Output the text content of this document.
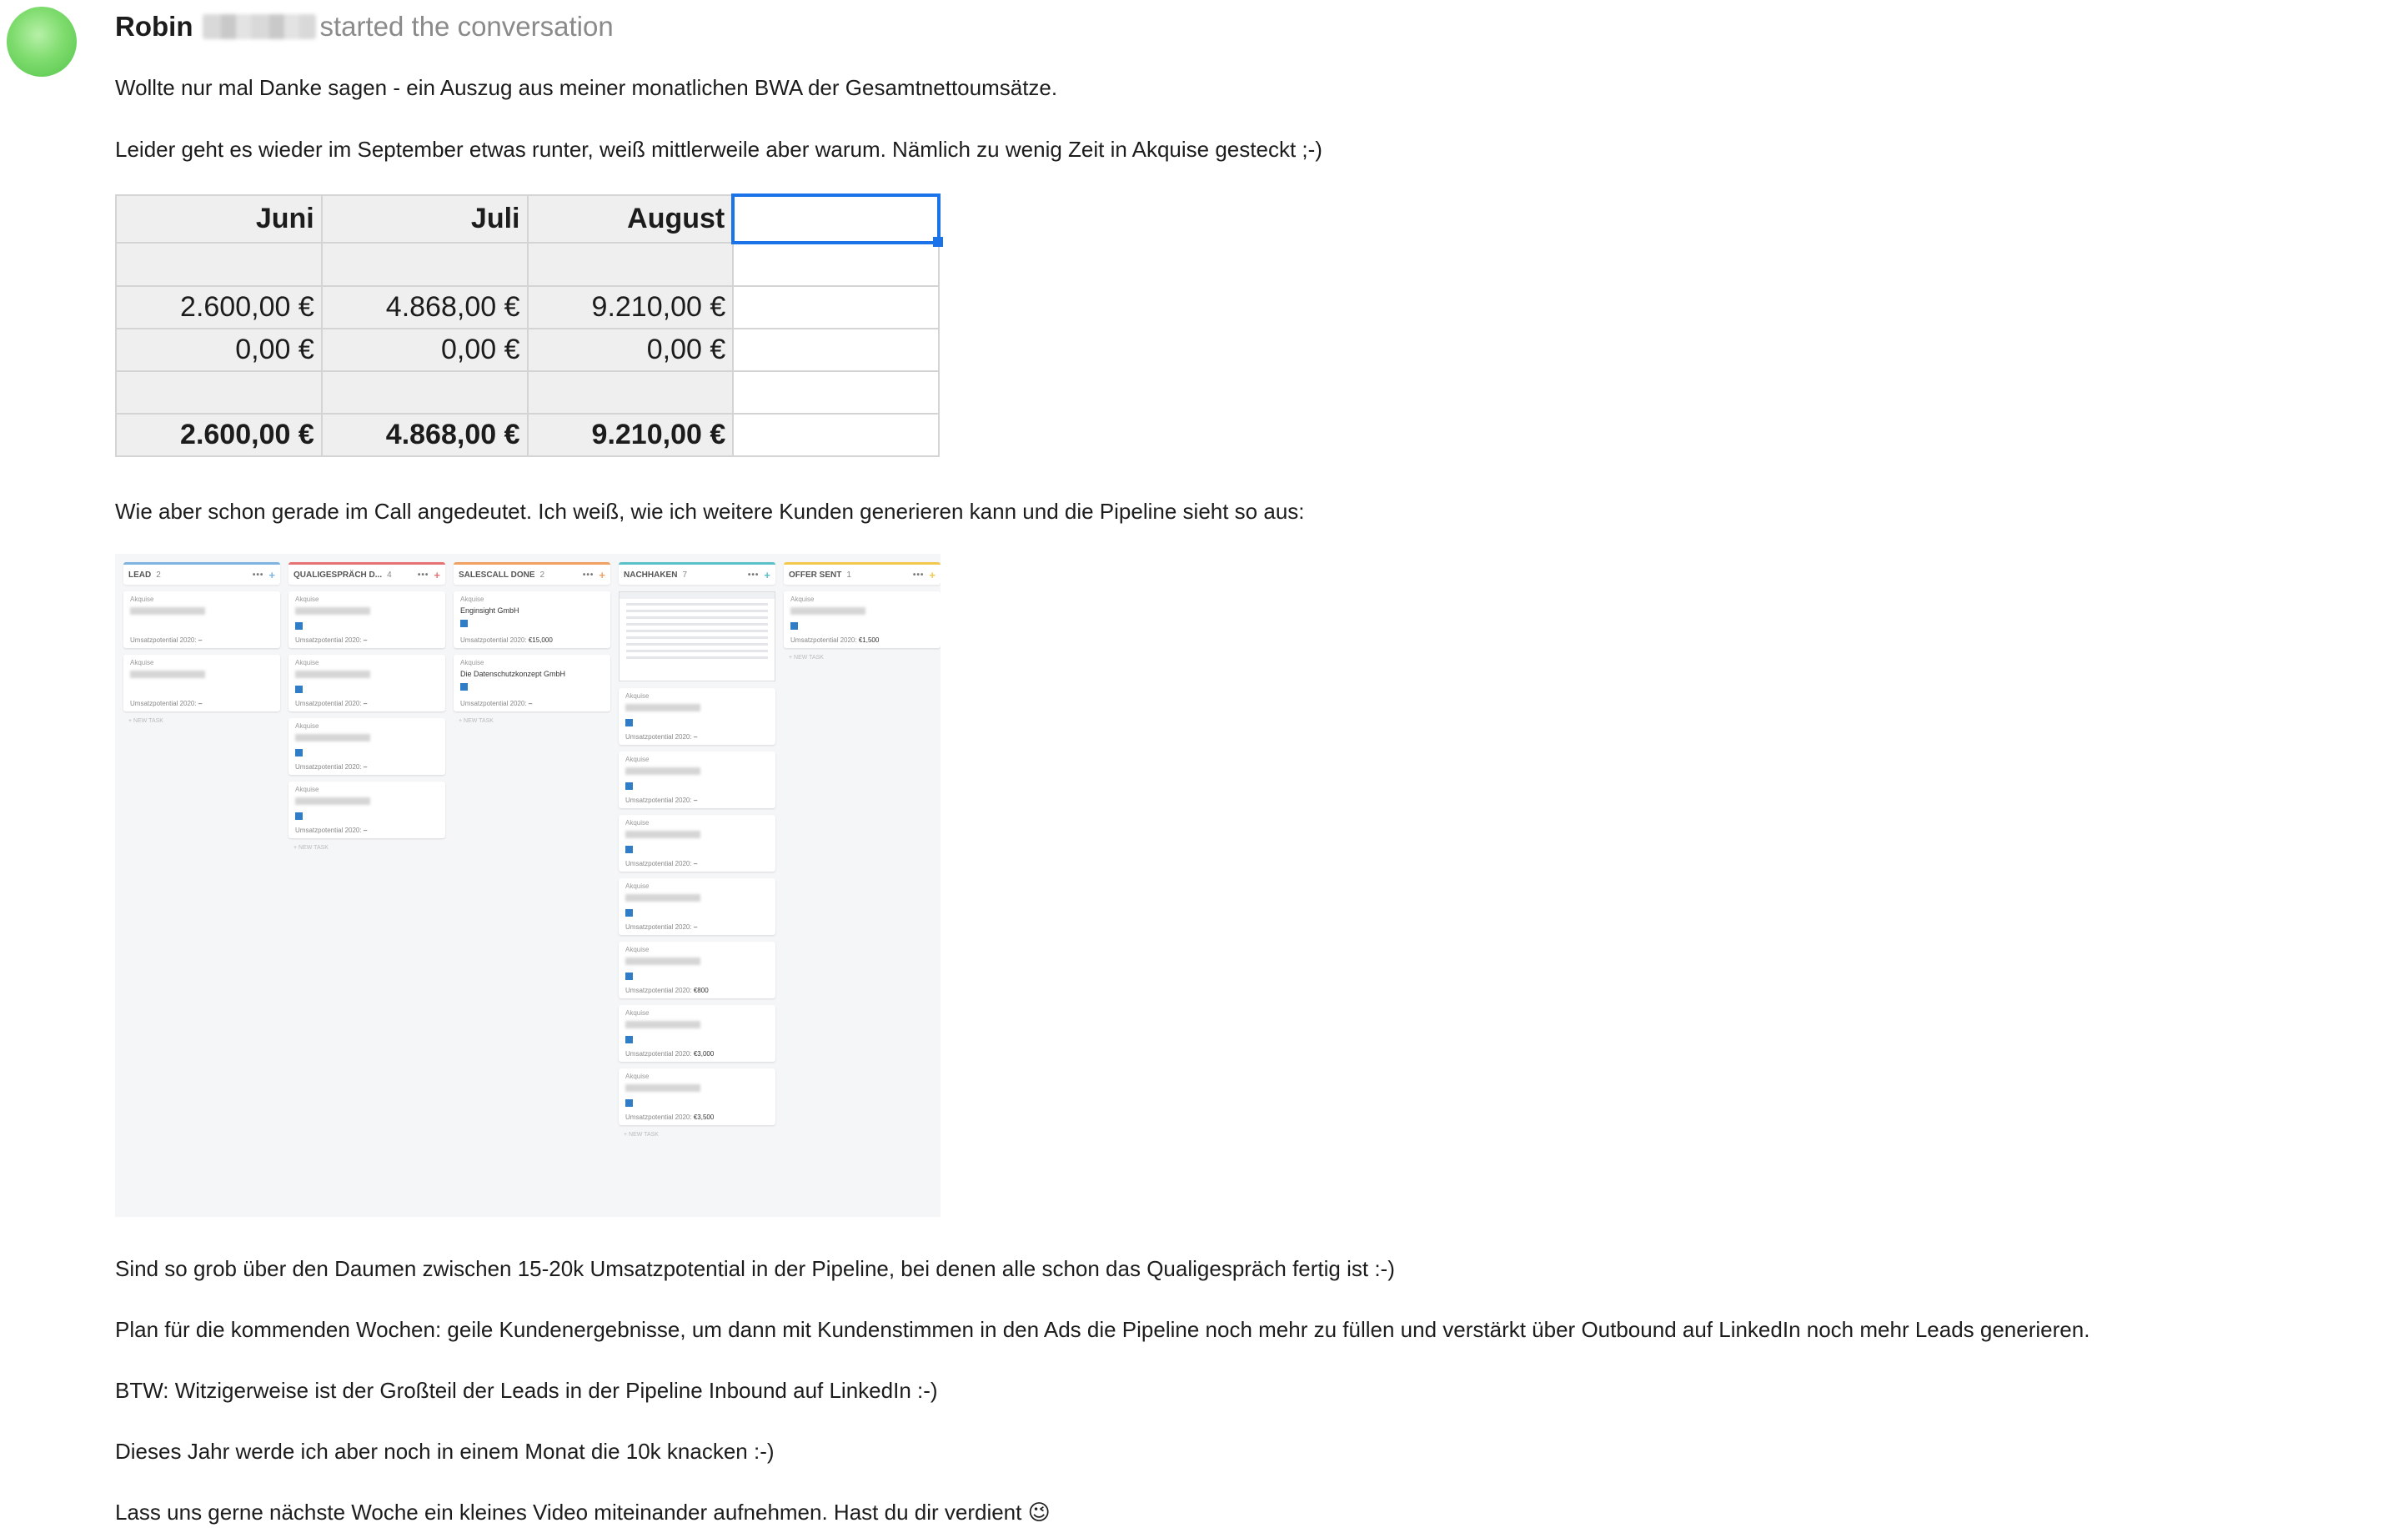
Robin	started the conversation
Wollte nur mal Danke sagen - ein Auszug aus meiner monatlichen BWA der Gesamtnettoumsätze.
Leider geht es wieder im September etwas runter, weiß mittlerweile aber warum. Nämlich zu wenig Zeit in Akquise gesteckt ;-)
Juni	Juli	August	

2.600,00 €	4.868,00 €	9.210,00 €	
0,00 €	0,00 €	0,00 €	

2.600,00 €	4.868,00 €	9.210,00 €	
Wie aber schon gerade im Call angedeutet. Ich weiß, wie ich weitere Kunden generieren kann und die Pipeline sieht so aus:
LEAD 2	••• +
Akquise
Umsatzpotential 2020: –
Akquise
Umsatzpotential 2020: –
+ NEW TASK
QUALIGESPRÄCH D... 4	••• +
Akquise
Umsatzpotential 2020: –
Akquise
Umsatzpotential 2020: –
Akquise
Umsatzpotential 2020: –
Akquise
Umsatzpotential 2020: –
+ NEW TASK
SALESCALL DONE 2	••• +
Akquise
Enginsight GmbH
Umsatzpotential 2020: €15,000
Akquise
Die Datenschutzkonzept GmbH
Umsatzpotential 2020: –
+ NEW TASK
NACHHAKEN 7	••• +
Akquise
Umsatzpotential 2020: –
Akquise
Umsatzpotential 2020: –
Akquise
Umsatzpotential 2020: –
Akquise
Umsatzpotential 2020: –
Akquise
Umsatzpotential 2020: €800
Akquise
Umsatzpotential 2020: €3,000
Akquise
Umsatzpotential 2020: €3,500
+ NEW TASK
OFFER SENT 1	••• +
Akquise
Umsatzpotential 2020: €1,500
+ NEW TASK
Sind so grob über den Daumen zwischen 15-20k Umsatzpotential in der Pipeline, bei denen alle schon das Qualigespräch fertig ist :-)
Plan für die kommenden Wochen: geile Kundenergebnisse, um dann mit Kundenstimmen in den Ads die Pipeline noch mehr zu füllen und verstärkt über Outbound auf LinkedIn noch mehr Leads generieren.
BTW: Witzigerweise ist der Großteil der Leads in der Pipeline Inbound auf LinkedIn :-)
Dieses Jahr werde ich aber noch in einem Monat die 10k knacken :-)
Lass uns gerne nächste Woche ein kleines Video miteinander aufnehmen. Hast du dir verdient 😉
